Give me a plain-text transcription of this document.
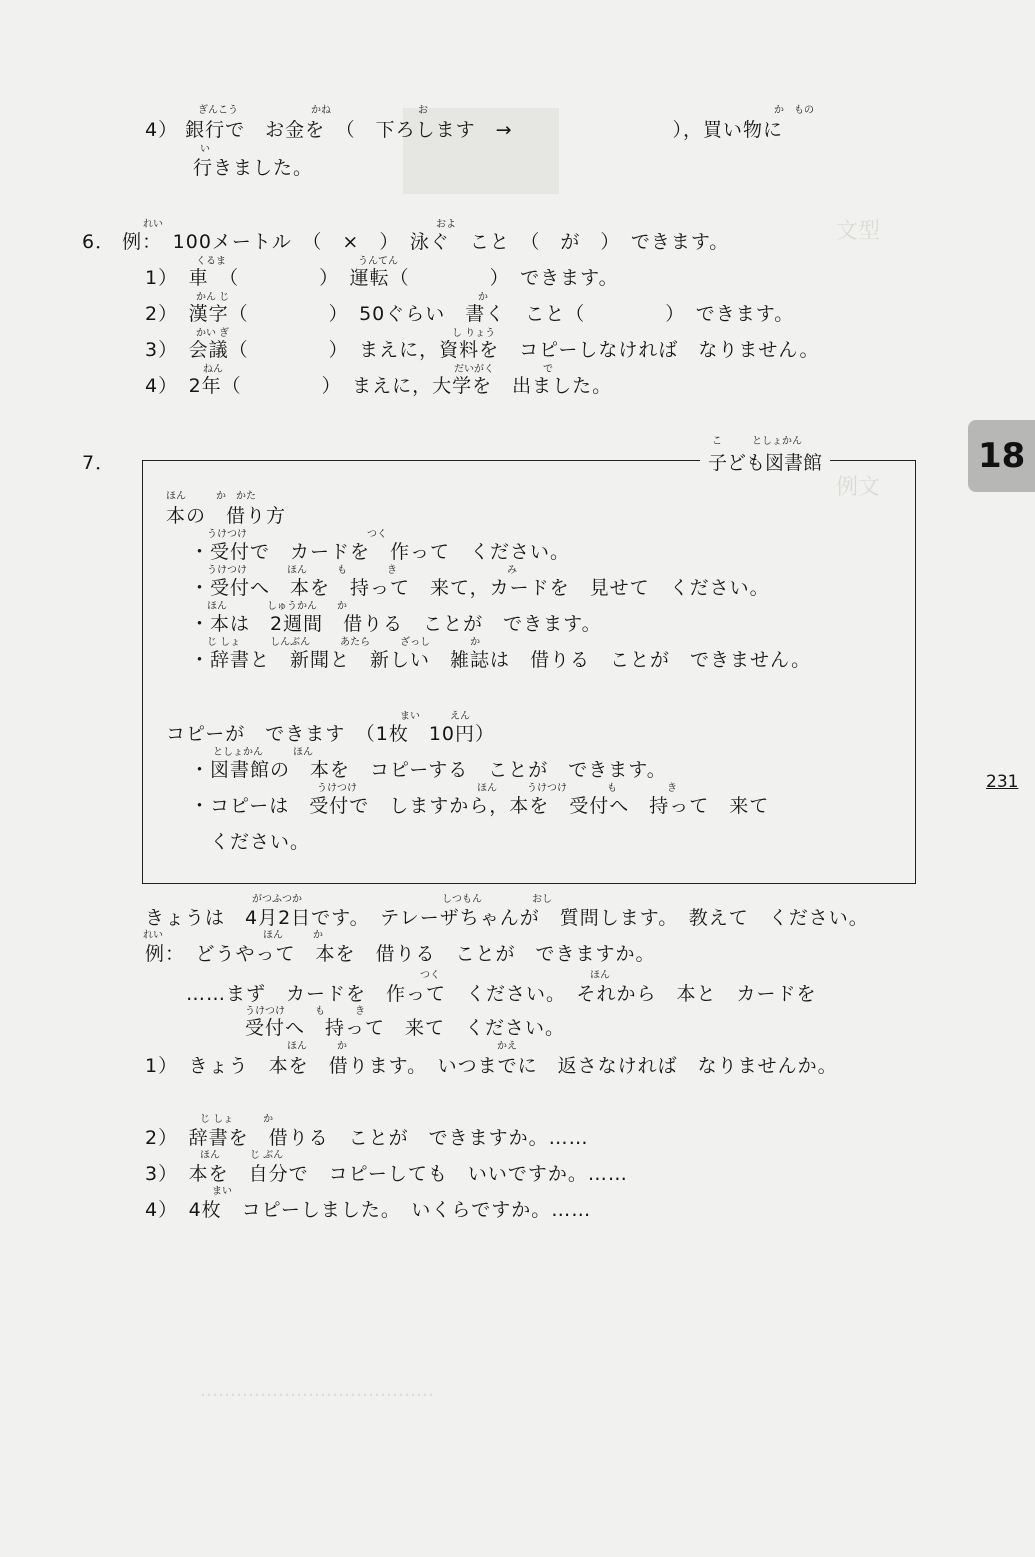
文型
例文
18
231
ぎんこう	かね	お	か　もの
4） 銀行で　お金を　（　下ろします　→　　　　　　　　），買い物に
い
行きました。
れい	およ
6． 例：　100メートル　（　×　）　泳ぐ　こと　（　が　）　できます。
くるま	うんてん
1）　車　（　　　　）　運転（　　　　）　できます。
かん じ	か
2）　漢字（　　　　）　50ぐらい　書く　こと（　　　　）　できます。
かい ぎ	し りょう
3）　会議（　　　　）　まえに，資料を　コピーしなければ　なりません。
ねん	だいがく	で
4）　2年（　　　　）　まえに，大学を　出ました。
7．
こ　　　としょかん
子ども図書館
ほん　　　か　かた
本の　借り方
うけつけ　　　　　　　　　　　　つく
・受付で　カードを　作って　ください。
うけつけ　　　　ほん　　　も　　　　き　　　　　　　　　　　み
・受付へ　本を　持って　来て，カードを　見せて　ください。
ほん　　　　しゅうかん　　か
・本は　2週間　借りる　ことが　できます。
じ しょ　　　しんぶん　　　あたら　　　ざっし　　　　か
・辞書と　新聞と　新しい　雑誌は　借りる　ことが　できません。
まい　　　えん
コピーが　できます　（1枚　10円）
としょかん　　　ほん
・図書館の　本を　コピーする　ことが　できます。
うけつけ　　　　　　　　　　　　ほん　　　うけつけ　　　　も　　　　　き
・コピーは　受付で　しますから，本を　受付へ　持って　来て
ください。
がつふつか　　　　　　　　　　　　　　しつもん　　　　　おし
きょうは　4月2日です。　テレーザちゃんが　質問します。　教えて　ください。
れい　　　　　　　　　　ほん　　　か
例：　どうやって　本を　借りる　ことが　できますか。
つく　　　　　　　　　　　　　　　ほん
……まず　カードを　作って　ください。　それから　本と　カードを
うけつけ　　　も　　　き
受付へ　持って　来て　ください。
ほん　　　か　　　　　　　　　　　　　　　かえ
1）　きょう　本を　借ります。　いつまでに　返さなければ　なりませんか。
じ しょ　　　か
2）　辞書を　借りる　ことが　できますか。……
ほん　　　じ ぶん
3）　本を　自分で　コピーしても　いいですか。……
まい
4）　4枚　コピーしました。　いくらですか。……
…………………………………
